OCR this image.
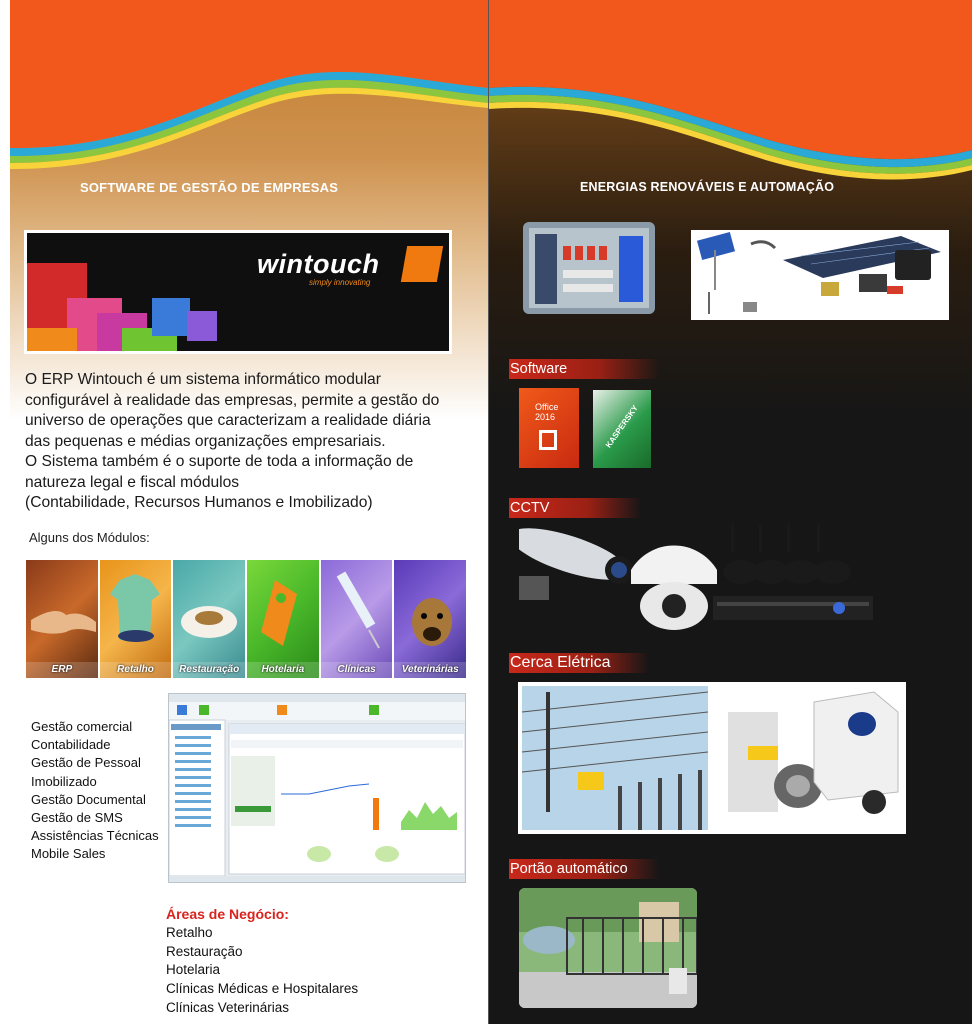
SOFTWARE DE GESTÃO DE EMPRESAS
wintouch
simply innovating

O ERP Wintouch é um sistema informático modular

configurável à realidade das empresas, permite a gestão do

universo de operações que caracterizam a realidade diária

das pequenas e médias organizações empresariais.

O Sistema também é o suporte de toda a informação de

natureza legal e fiscal módulos

(Contabilidade, Recursos Humanos e Imobilizado)

Alguns dos Módulos:
ERP	Retalho	Restauração	Hotelaria	Clínicas	Veterinárias
Gestão comercial
Contabilidade
Gestão de Pessoal
Imobilizado
Gestão Documental
Gestão de SMS
Assistências Técnicas
Mobile Sales
Áreas de Negócio:
Retalho
Restauração
Hotelaria
Clínicas Médicas e Hospitalares
Clínicas Veterinárias
ENERGIAS RENOVÁVEIS E AUTOMAÇÃO
Software
Office 2016	KASPERSKY
CCTV
Cerca Elétrica
Portão automático
